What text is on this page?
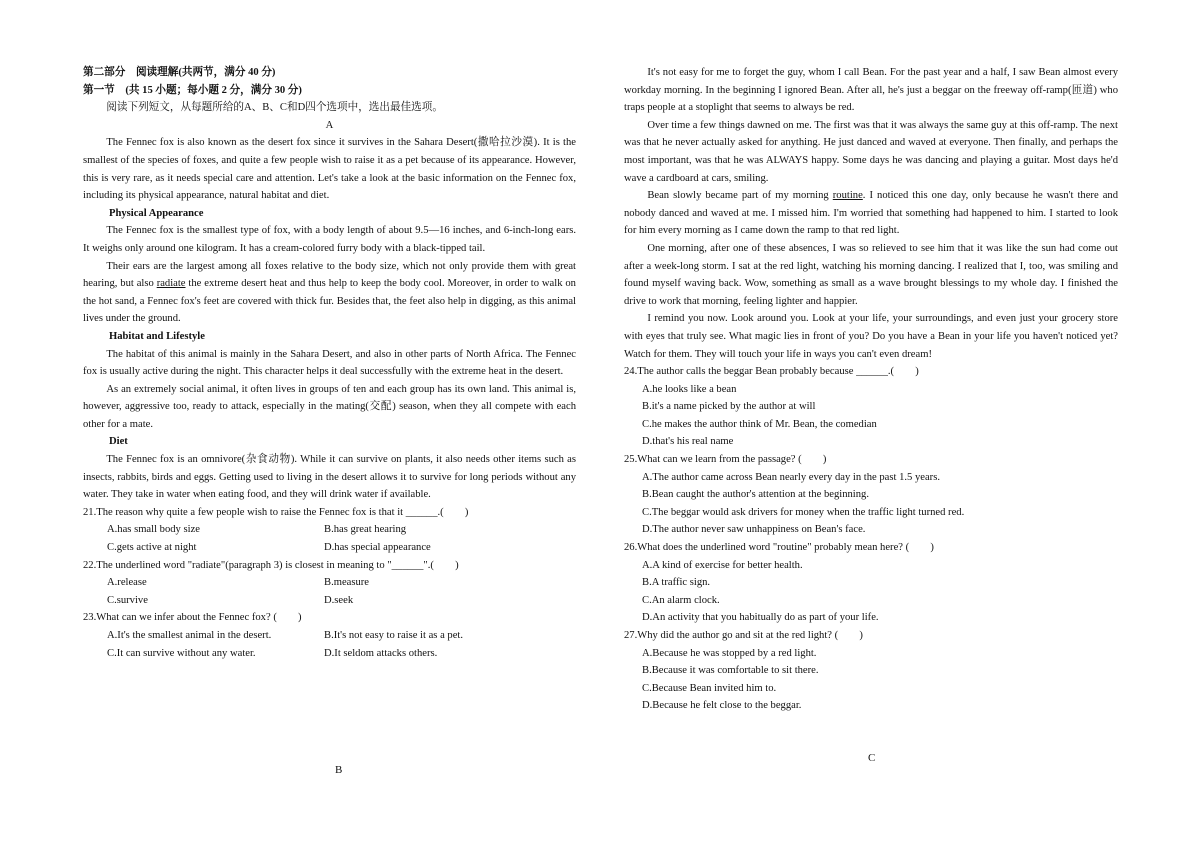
第二部分　阅读理解(共两节，满分 40 分)

第一节　(共 15 小题；每小题 2 分，满分 30 分)

阅读下列短文，从每题所给的A、B、C和D四个选项中，选出最佳选项。

A

The Fennec fox is also known as the desert fox since it survives in the Sahara Desert(撒哈拉沙漠). It is the smallest of the species of foxes, and quite a few people wish to raise it as a pet because of its appearance. However, this is very rare, as it needs special care and attention. Let's take a look at the basic information on the Fennec fox, including its physical appearance, natural habitat and diet.

Physical Appearance

The Fennec fox is the smallest type of fox, with a body length of about 9.5—16 inches, and 6-inch-long ears. It weighs only around one kilogram. It has a cream-colored furry body with a black-tipped tail.

Their ears are the largest among all foxes relative to the body size, which not only provide them with great hearing, but also radiate the extreme desert heat and thus help to keep the body cool. Moreover, in order to walk on the hot sand, a Fennec fox's feet are covered with thick fur. Besides that, the feet also help in digging, as this animal lives under the ground.

Habitat and Lifestyle

The habitat of this animal is mainly in the Sahara Desert, and also in other parts of North Africa. The Fennec fox is usually active during the night. This character helps it deal successfully with the extreme heat in the desert.

As an extremely social animal, it often lives in groups of ten and each group has its own land. This animal is, however, aggressive too, ready to attack, especially in the mating(交配) season, when they all compete with each other for a mate.

Diet

The Fennec fox is an omnivore(杂食动物). While it can survive on plants, it also needs other items such as insects, rabbits, birds and eggs. Getting used to living in the desert allows it to survive for long periods without any water. They take in water when eating food, and they will drink water if available.

21.The reason why quite a few people wish to raise the Fennec fox is that it ______.(　　)

A.has small body size	B.has great hearing
C.gets active at night	D.has special appearance

22.The underlined word "radiate"(paragraph 3) is closest in meaning to "______".(　　)

A.release	B.measure
C.survive	D.seek

23.What can we infer about the Fennec fox? (　　)

A.It's the smallest animal in the desert.	B.It's not easy to raise it as a pet.
C.It can survive without any water.	D.It seldom attacks others.
B

It's not easy for me to forget the guy, whom I call Bean. For the past year and a half, I saw Bean almost every workday morning. In the beginning I ignored Bean. After all, he's just a beggar on the freeway off-ramp(匝道) who traps people at a stoplight that seems to always be red.

Over time a few things dawned on me. The first was that it was always the same guy at this off-ramp. The next was that he never actually asked for anything. He just danced and waved at everyone. Then finally, and perhaps the most important, was that he was ALWAYS happy. Some days he was dancing and playing a guitar. Most days he'd wave a cardboard at cars, smiling.

Bean slowly became part of my morning routine. I noticed this one day, only because he wasn't there and nobody danced and waved at me. I missed him. I'm worried that something had happened to him. I started to look for him every morning as I came down the ramp to that red light.

One morning, after one of these absences, I was so relieved to see him that it was like the sun had come out after a week-long storm. I sat at the red light, watching his morning dancing. I realized that I, too, was smiling and found myself waving back. Wow, something as small as a wave brought blessings to my whole day. I finished the drive to work that morning, feeling lighter and happier.

I remind you now. Look around you. Look at your life, your surroundings, and even just your grocery store with eyes that truly see. What magic lies in front of you? Do you have a Bean in your life you haven't noticed yet? Watch for them. They will touch your life in ways you can't even dream!

24.The author calls the beggar Bean probably because ______.(　　)

A.he looks like a bean

B.it's a name picked by the author at will

C.he makes the author think of Mr. Bean, the comedian

D.that's his real name

25.What can we learn from the passage? (　　)

A.The author came across Bean nearly every day in the past 1.5 years.

B.Bean caught the author's attention at the beginning.

C.The beggar would ask drivers for money when the traffic light turned red.

D.The author never saw unhappiness on Bean's face.

26.What does the underlined word "routine" probably mean here? (　　)

A.A kind of exercise for better health.

B.A traffic sign.

C.An alarm clock.

D.An activity that you habitually do as part of your life.

27.Why did the author go and sit at the red light? (　　)

A.Because he was stopped by a red light.

B.Because it was comfortable to sit there.

C.Because Bean invited him to.

D.Because he felt close to the beggar.

C
